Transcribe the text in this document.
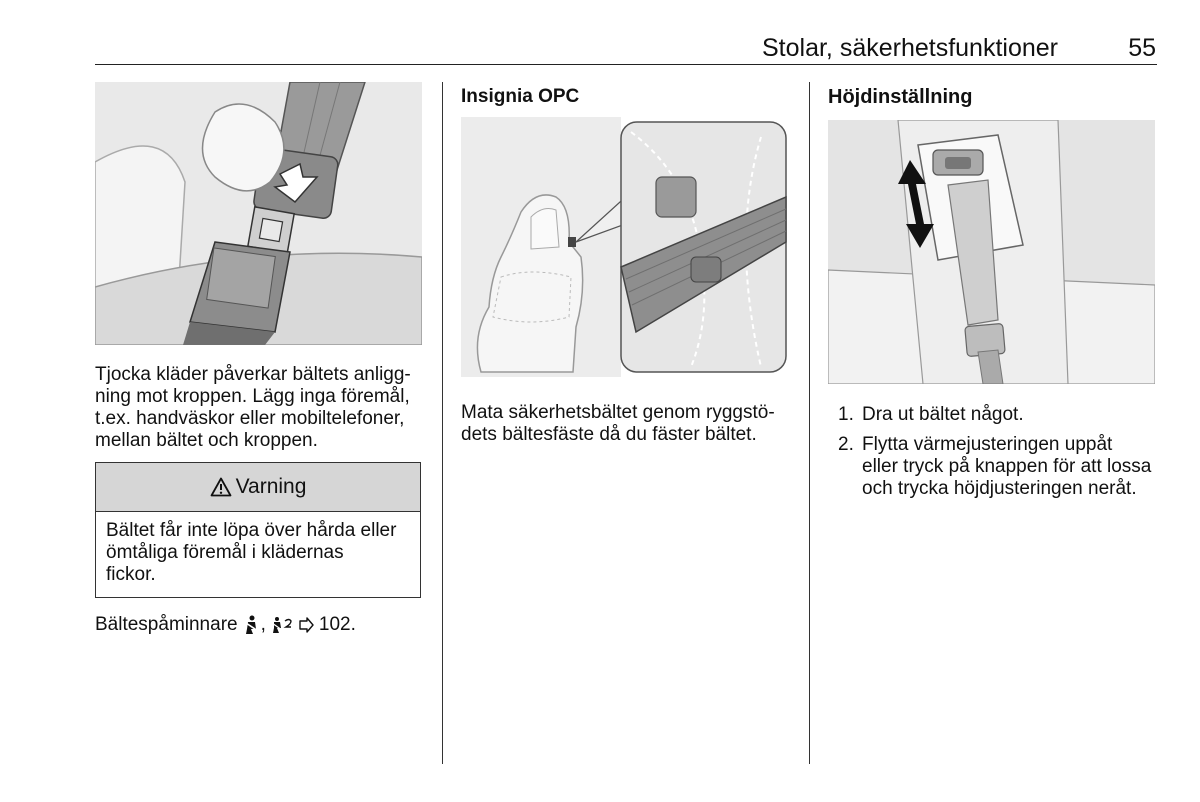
Stolar, säkerhetsfunktioner	55
Tjocka kläder påverkar bältets anligg-
ning mot kroppen. Lägg inga föremål,
t.ex. handväskor eller mobiltelefoner,
mellan bältet och kroppen.
Varning
Bältet får inte löpa över hårda eller
ömtåliga föremål i klädernas
fickor.
Bältespåminnare ,	102.
Insignia OPC
Mata säkerhetsbältet genom ryggstö-
dets bältesfäste då du fäster bältet.
Höjdinställning
1. Dra ut bältet något.
2. Flytta värmejusteringen uppåt
eller tryck på knappen för att lossa
och trycka höjdjusteringen neråt.
